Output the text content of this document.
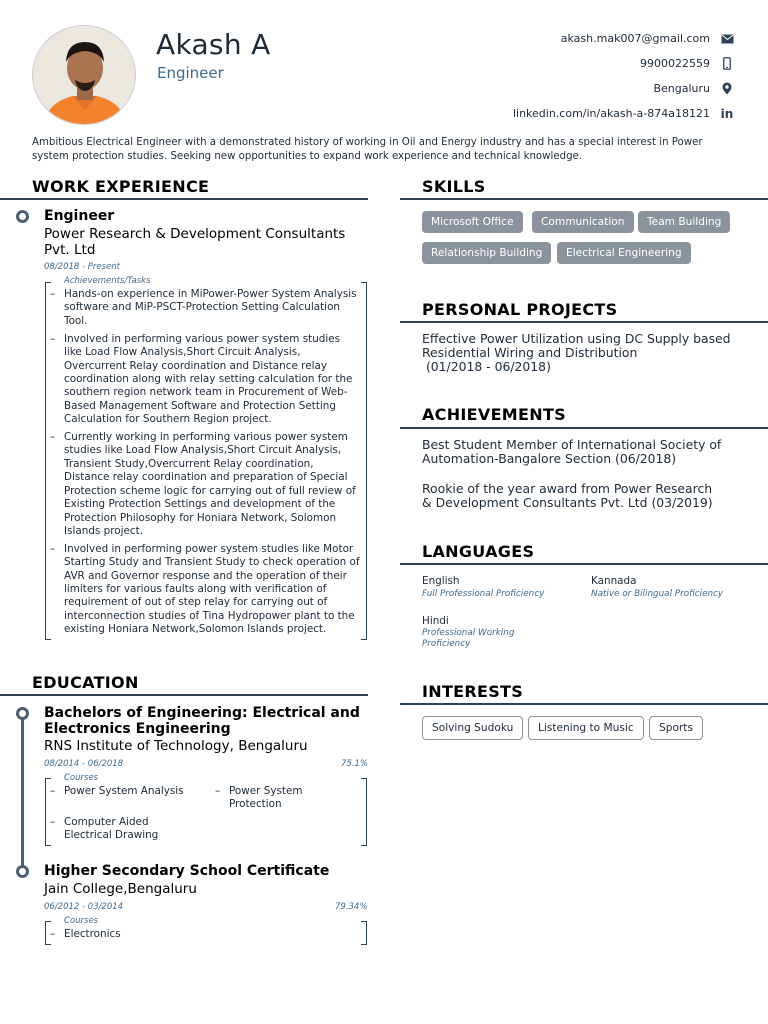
Akash A
Engineer
akash.mak007@gmail.com
9900022559
Bengaluru
linkedin.com/in/akash-a-874a18121 in
Ambitious Electrical Engineer with a demonstrated history of working in Oil and Energy industry and has a special interest in Power system protection studies. Seeking new opportunities to expand work experience and technical knowledge.
WORK EXPERIENCE
Engineer
Power Research & Development Consultants Pvt. Ltd
08/2018 - Present
Achievements/Tasks
– Hands-on experience in MiPower-Power System Analysis software and MiP-PSCT-Protection Setting Calculation Tool.
– Involved in performing various power system studies like Load Flow Analysis,Short Circuit Analysis, Overcurrent Relay coordination and Distance relay coordination along with relay setting calculation for the southern region network team in Procurement of Web-Based Management Software and Protection Setting Calculation for Southern Region project.
– Currently working in performing various power system studies like Load Flow Analysis,Short Circuit Analysis, Transient Study,Overcurrent Relay coordination, Distance relay coordination and preparation of Special Protection scheme logic for carrying out of full review of Existing Protection Settings and development of the Protection Philosophy for Honiara Network, Solomon Islands project.
– Involved in performing power system studies like Motor Starting Study and Transient Study to check operation of AVR and Governor response and the operation of their limiters for various faults along with verification of requirement of out of step relay for carrying out of interconnection studies of Tina Hydropower plant to the existing Honiara Network,Solomon Islands project.
EDUCATION
Bachelors of Engineering: Electrical and Electronics Engineering
RNS Institute of Technology, Bengaluru
08/2014 - 06/2018	75.1%
Courses
– Power System Analysis
–	Power System Protection
– Computer Aided Electrical Drawing
Higher Secondary School Certificate
Jain College,Bengaluru
06/2012 - 03/2014	79.34%
Courses
– Electronics
SKILLS
Microsoft Office	Communication	Team Building
Relationship Building	Electrical Engineering
PERSONAL PROJECTS
Effective Power Utilization using DC Supply based Residential Wiring and Distribution
(01/2018 - 06/2018)
ACHIEVEMENTS
Best Student Member of International Society of Automation-Bangalore Section (06/2018)
Rookie of the year award from Power Research & Development Consultants Pvt. Ltd (03/2019)
LANGUAGES
English
Full Professional Proficiency
Kannada
Native or Bilingual Proficiency
Hindi
Professional Working Proficiency
INTERESTS
Solving Sudoku	Listening to Music	Sports
